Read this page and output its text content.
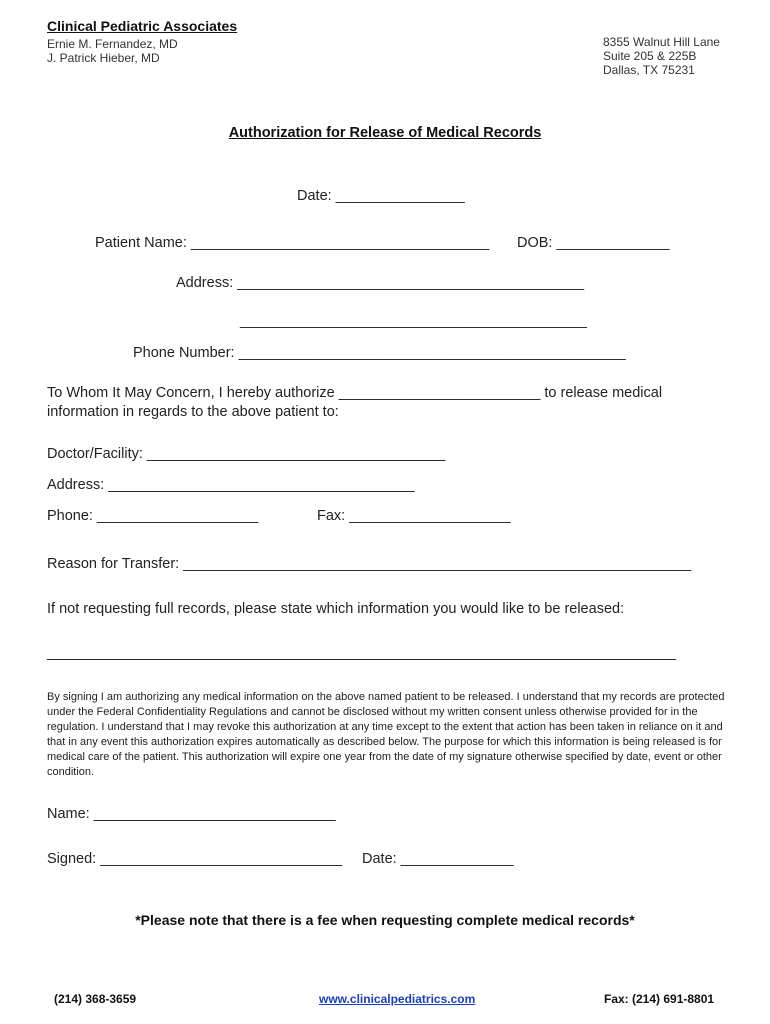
Clinical Pediatric Associates
Ernie M. Fernandez, MD
J. Patrick Hieber, MD
8355 Walnut Hill Lane
Suite 205 & 225B
Dallas, TX 75231
Authorization for Release of Medical Records
Date: ________________
Patient Name: _____________________________________ DOB: ______________
Address: ___________________________________________
___________________________________________
Phone Number: ________________________________________________
To Whom It May Concern, I hereby authorize _________________________ to release medical
information in regards to the above patient to:
Doctor/Facility: _____________________________________
Address: ______________________________________
Phone: ____________________	Fax: ____________________
Reason for Transfer: _______________________________________________________________
If not requesting full records, please state which information you would like to be released:
______________________________________________________________________________
By signing I am authorizing any medical information on the above named patient to be released. I understand that my records are protected under the Federal Confidentiality Regulations and cannot be disclosed without my written consent unless otherwise provided for in the regulation. I understand that I may revoke this authorization at any time except to the extent that action has been taken in reliance on it and that in any event this authorization expires automatically as described below. The purpose for which this information is being released is for medical care of the patient. This authorization will expire one year from the date of my signature otherwise specified by date, event or other condition.
Name: ______________________________
Signed: ______________________________ Date: ______________
*Please note that there is a fee when requesting complete medical records*
(214) 368-3659	www.clinicalpediatrics.com	Fax: (214) 691-8801
